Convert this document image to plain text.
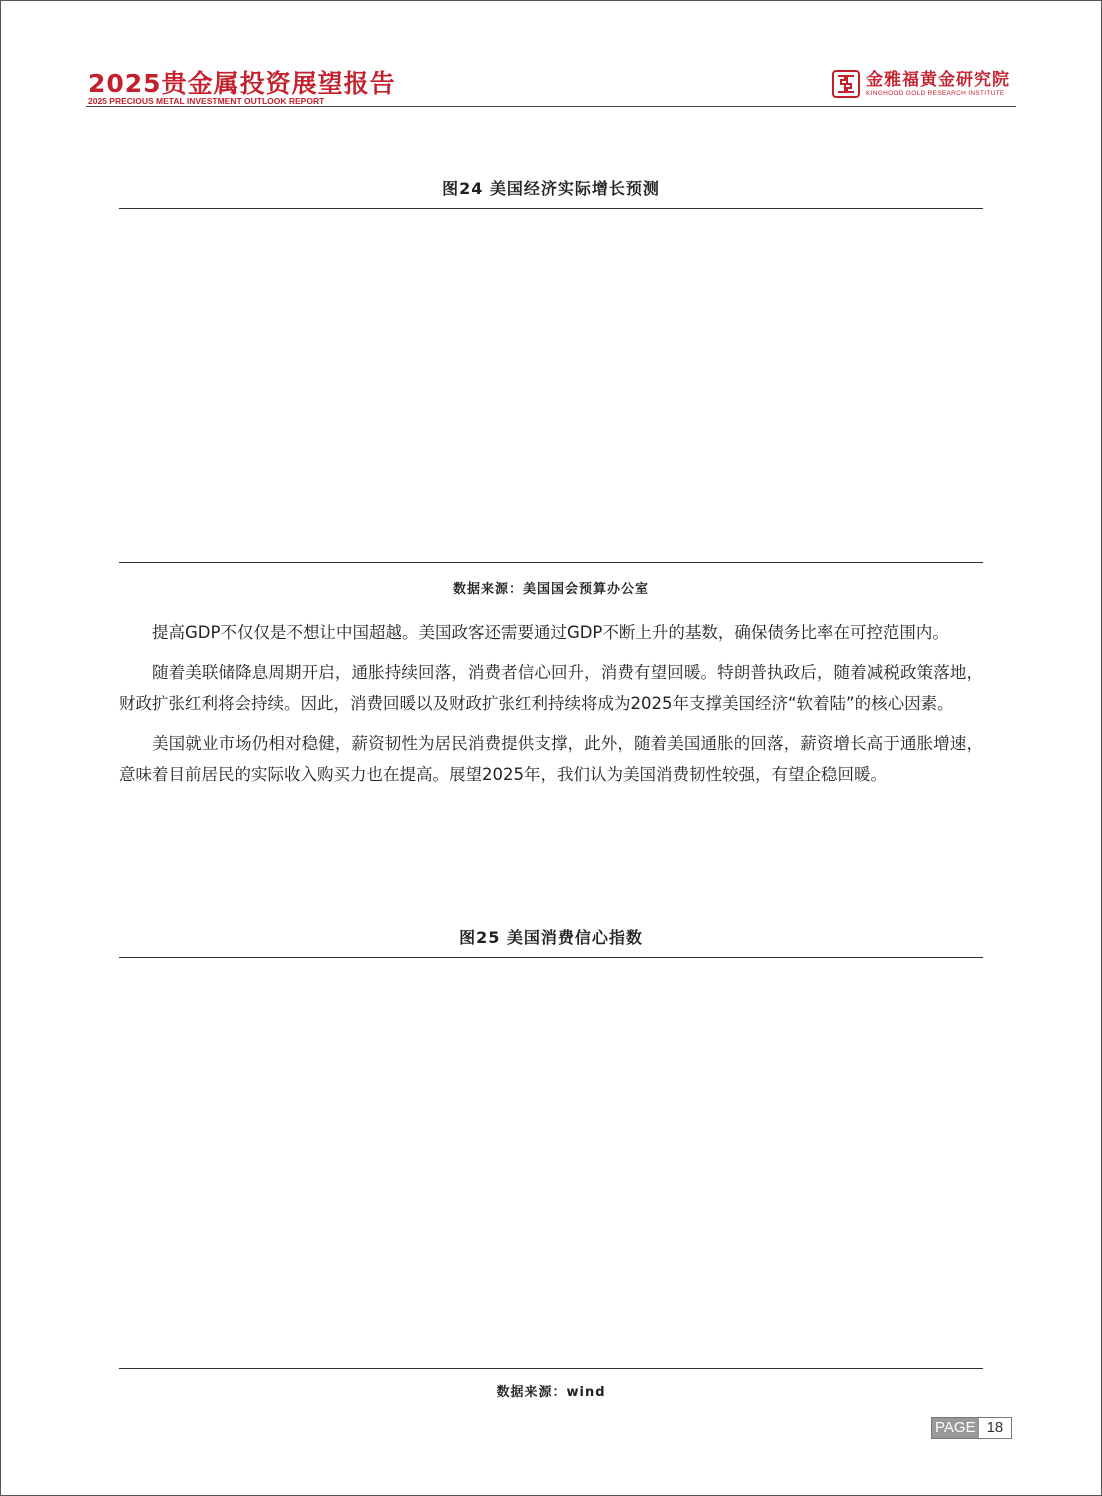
2025贵金属投资展望报告
2025 PRECIOUS METAL INVESTMENT OUTLOOK REPORT
金雅福黄金研究院
KINGHOOD GOLD RESEARCH INSTITUTE
图24 美国经济实际增长预测
数据来源：美国国会预算办公室

提高GDP不仅仅是不想让中国超越。美国政客还需要通过GDP不断上升的基数，确保债务比率在可控范围内。

随着美联储降息周期开启，通胀持续回落，消费者信心回升，消费有望回暖。特朗普执政后，随着减税政策落地，财政扩张红利将会持续。因此，消费回暖以及财政扩张红利持续将成为2025年支撑美国经济“软着陆”的核心因素。

美国就业市场仍相对稳健，薪资韧性为居民消费提供支撑，此外，随着美国通胀的回落，薪资增长高于通胀增速，意味着目前居民的实际收入购买力也在提高。展望2025年，我们认为美国消费韧性较强，有望企稳回暖。

图25 美国消费信心指数
数据来源：wind
PAGE 18
